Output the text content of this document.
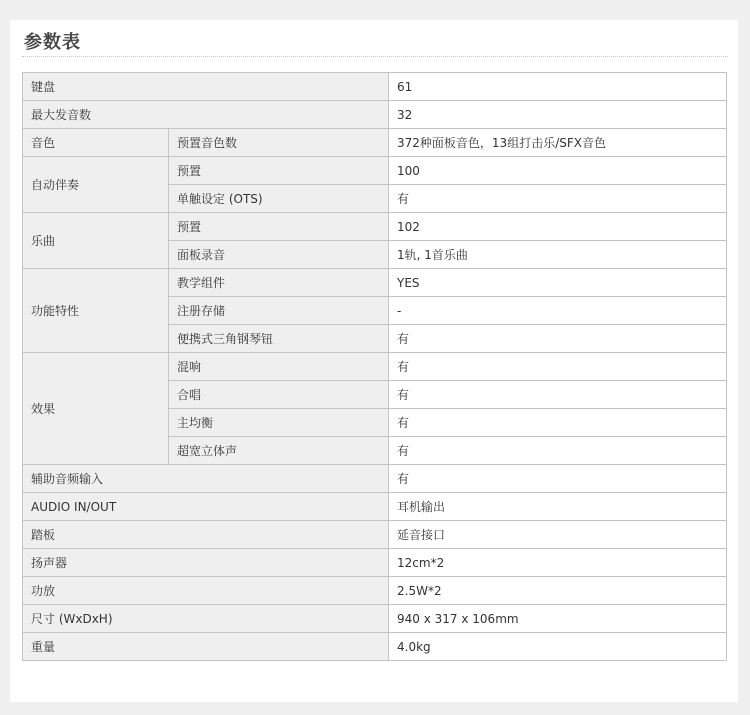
参数表
键盘		61
最大发音数		32
音色	预置音色数	372种面板音色，13组打击乐/SFX音色
自动伴奏	预置	100
	单触设定 (OTS)	有
乐曲	预置	102
	面板录音	1轨, 1首乐曲
功能特性	教学组件	YES
	注册存储	-
	便携式三角钢琴钮	有
效果	混响	有
	合唱	有
	主均衡	有
	超宽立体声	有
辅助音频输入		有
AUDIO IN/OUT		耳机输出
踏板		延音接口
扬声器		12cm*2
功放		2.5W*2
尺寸 (WxDxH)		940 x 317 x 106mm
重量		4.0kg
